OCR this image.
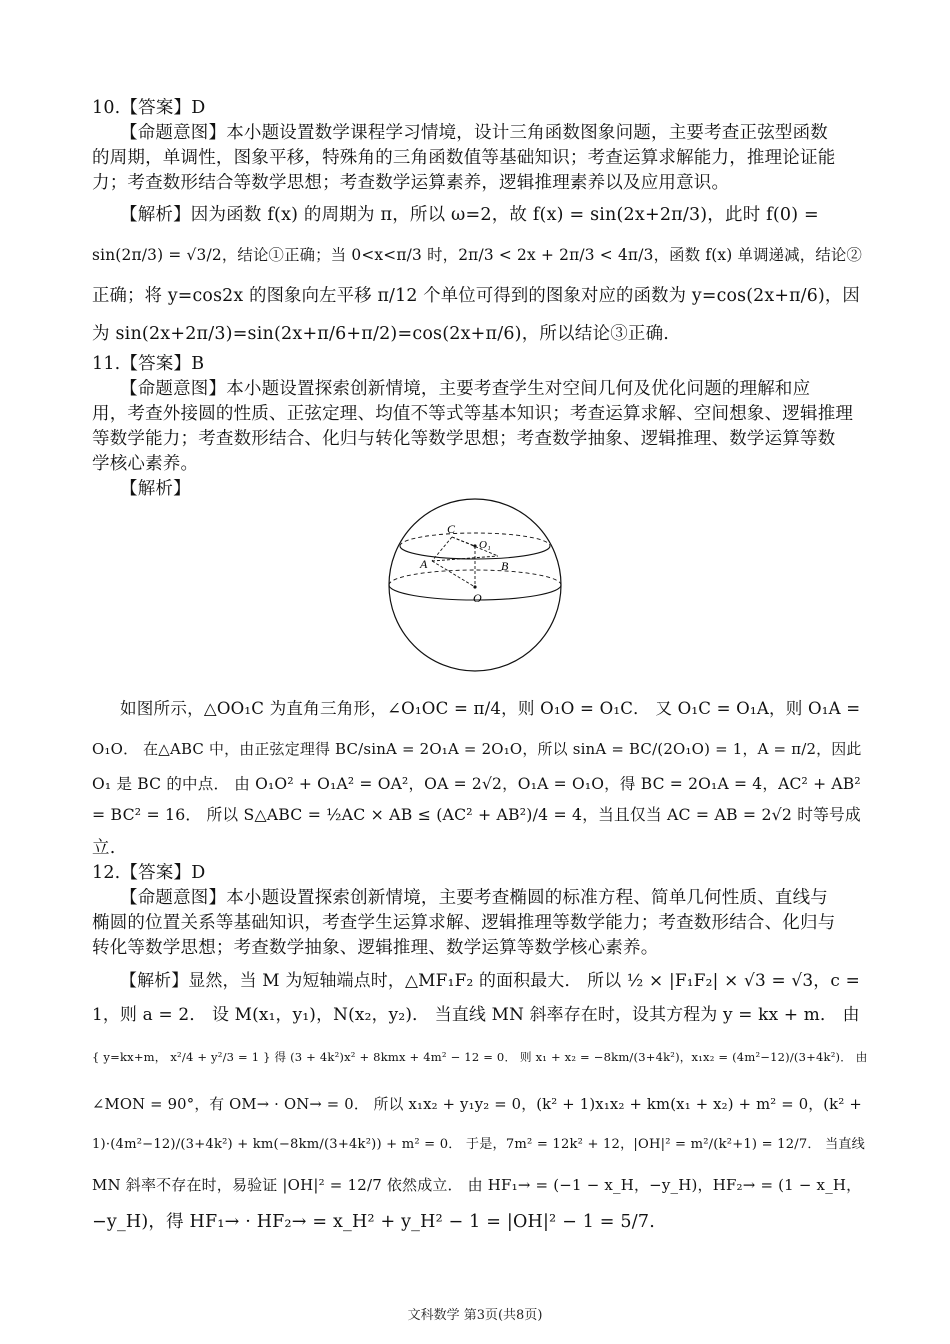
10.【答案】D
【命题意图】本小题设置数学课程学习情境，设计三角函数图象问题，主要考查正弦型函数
的周期，单调性，图象平移，特殊角的三角函数值等基础知识；考查运算求解能力，推理论证能
力；考查数形结合等数学思想；考查数学运算素养，逻辑推理素养以及应用意识。
【解析】因为函数 f(x) 的周期为 π，所以 ω=2，故 f(x) = sin(2x+2π/3)，此时 f(0) =
sin(2π/3) = √3/2，结论①正确；当 0<x<π/3 时，2π/3 < 2x + 2π/3 < 4π/3，函数 f(x) 单调递减，结论②
正确；将 y=cos2x 的图象向左平移 π/12 个单位可得到的图象对应的函数为 y=cos(2x+π/6)，因
为 sin(2x+2π/3)=sin(2x+π/6+π/2)=cos(2x+π/6)，所以结论③正确.
11.【答案】B
【命题意图】本小题设置探索创新情境，主要考查学生对空间几何及优化问题的理解和应
用，考查外接圆的性质、正弦定理、均值不等式等基本知识；考查运算求解、空间想象、逻辑推理
等数学能力；考查数形结合、化归与转化等数学思想；考查数学抽象、逻辑推理、数学运算等数
学核心素养。
【解析】
C
O₁
A	B
O
如图所示，△OO₁C 为直角三角形，∠O₁OC = π/4，则 O₁O = O₁C． 又 O₁C = O₁A，则 O₁A =
O₁O． 在△ABC 中，由正弦定理得 BC/sinA = 2O₁A = 2O₁O，所以 sinA = BC/(2O₁O) = 1，A = π/2，因此
O₁ 是 BC 的中点． 由 O₁O² + O₁A² = OA²，OA = 2√2，O₁A = O₁O，得 BC = 2O₁A = 4，AC² + AB²
= BC² = 16． 所以 S△ABC = ½AC × AB ≤ (AC² + AB²)/4 = 4，当且仅当 AC = AB = 2√2 时等号成
立.
12.【答案】D
【命题意图】本小题设置探索创新情境，主要考查椭圆的标准方程、简单几何性质、直线与
椭圆的位置关系等基础知识，考查学生运算求解、逻辑推理等数学能力；考查数形结合、化归与
转化等数学思想；考查数学抽象、逻辑推理、数学运算等数学核心素养。
【解析】显然，当 M 为短轴端点时，△MF₁F₂ 的面积最大． 所以 ½ × |F₁F₂| × √3 = √3，c =
1，则 a = 2． 设 M(x₁，y₁)，N(x₂，y₂)． 当直线 MN 斜率存在时，设其方程为 y = kx + m． 由
{ y=kx+m， x²/4 + y²/3 = 1 } 得 (3 + 4k²)x² + 8kmx + 4m² − 12 = 0． 则 x₁ + x₂ = −8km/(3+4k²)，x₁x₂ = (4m²−12)/(3+4k²)． 由
∠MON = 90°，有 OM→ · ON→ = 0． 所以 x₁x₂ + y₁y₂ = 0，(k² + 1)x₁x₂ + km(x₁ + x₂) + m² = 0，(k² +
1)·(4m²−12)/(3+4k²) + km(−8km/(3+4k²)) + m² = 0． 于是，7m² = 12k² + 12，|OH|² = m²/(k²+1) = 12/7． 当直线
MN 斜率不存在时，易验证 |OH|² = 12/7 依然成立． 由 HF₁→ = (−1 − x_H，−y_H)，HF₂→ = (1 − x_H，
−y_H)，得 HF₁→ · HF₂→ = x_H² + y_H² − 1 = |OH|² − 1 = 5/7.
文科数学 第3页(共8页)
